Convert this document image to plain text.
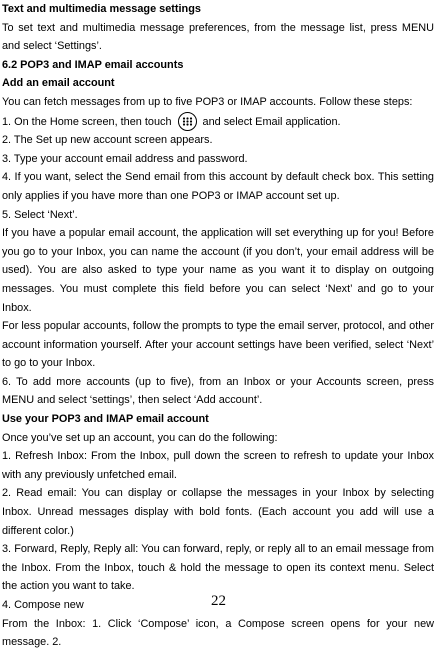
Text and multimedia message settings

To set text and multimedia message preferences, from the message list, press MENU and select ‘Settings’.

6.2 POP3 and IMAP email accounts

Add an email account

You can fetch messages from up to five POP3 or IMAP accounts. Follow these steps:

1. On the Home screen, then touch	and select Email application.

2. The Set up new account screen appears.

3. Type your account email address and password.

4. If you want, select the Send email from this account by default check box. This setting only applies if you have more than one POP3 or IMAP account set up.

5. Select ‘Next’.

If you have a popular email account, the application will set everything up for you! Before you go to your Inbox, you can name the account (if you don’t, your email address will be used). You are also asked to type your name as you want it to display on outgoing messages. You must complete this field before you can select ‘Next’ and go to your Inbox.

For less popular accounts, follow the prompts to type the email server, protocol, and other account information yourself. After your account settings have been verified, select ‘Next’ to go to your Inbox.

6. To add more accounts (up to five), from an Inbox or your Accounts screen, press MENU and select ‘settings’, then select ‘Add account’.

Use your POP3 and IMAP email account

Once you’ve set up an account, you can do the following:

1. Refresh Inbox: From the Inbox, pull down the screen to refresh to update your Inbox with any previously unfetched email.

2. Read email: You can display or collapse the messages in your Inbox by selecting Inbox. Unread messages display with bold fonts. (Each account you add will use a different color.)

3. Forward, Reply, Reply all: You can forward, reply, or reply all to an email message from the Inbox. From the Inbox, touch & hold the message to open its context menu. Select the action you want to take.

4. Compose new

From the Inbox: 1. Click ‘Compose’ icon, a Compose screen opens for your new message. 2.

22
